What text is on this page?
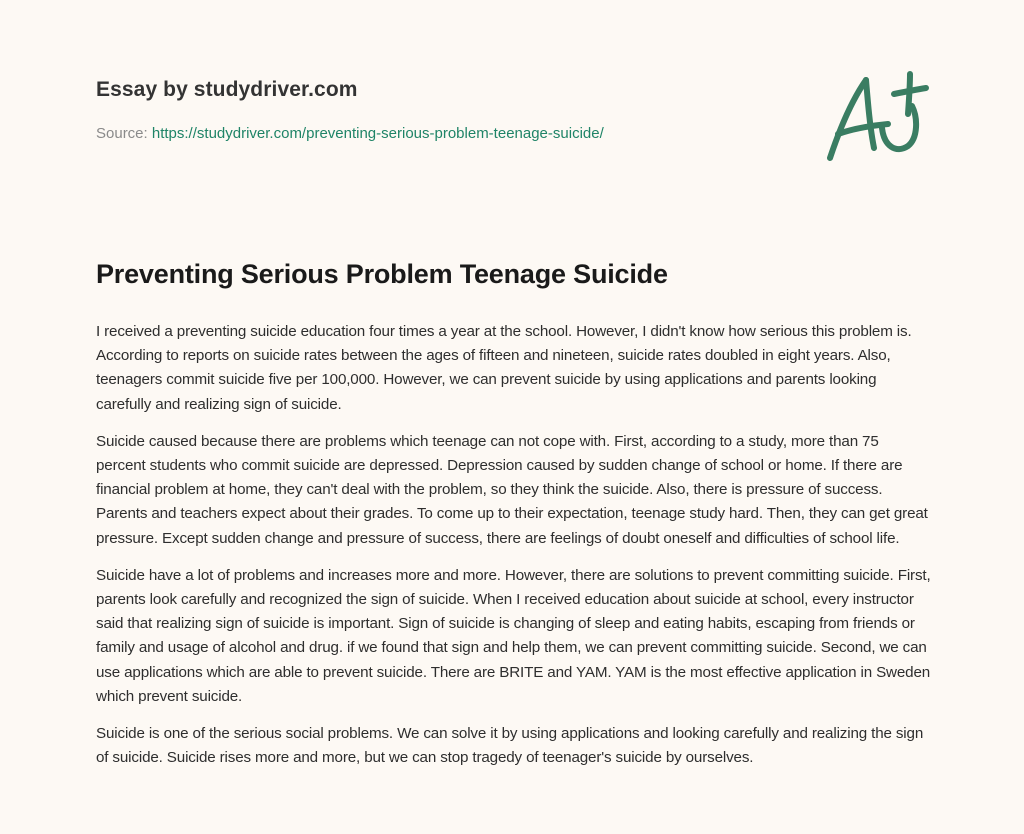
Essay by studydriver.com
Source: https://studydriver.com/preventing-serious-problem-teenage-suicide/
Preventing Serious Problem Teenage Suicide

I received a preventing suicide education four times a year at the school. However, I didn't know how serious this problem is. According to reports on suicide rates between the ages of fifteen and nineteen, suicide rates doubled in eight years. Also, teenagers commit suicide five per 100,000. However, we can prevent suicide by using applications and parents looking carefully and realizing sign of suicide.

Suicide caused because there are problems which teenage can not cope with. First, according to a study, more than 75 percent students who commit suicide are depressed. Depression caused by sudden change of school or home. If there are financial problem at home, they can't deal with the problem, so they think the suicide. Also, there is pressure of success. Parents and teachers expect about their grades. To come up to their expectation, teenage study hard. Then, they can get great pressure. Except sudden change and pressure of success, there are feelings of doubt oneself and difficulties of school life.

Suicide have a lot of problems and increases more and more. However, there are solutions to prevent committing suicide. First, parents look carefully and recognized the sign of suicide. When I received education about suicide at school, every instructor said that realizing sign of suicide is important. Sign of suicide is changing of sleep and eating habits, escaping from friends or family and usage of alcohol and drug. if we found that sign and help them, we can prevent committing suicide. Second, we can use applications which are able to prevent suicide. There are BRITE and YAM. YAM is the most effective application in Sweden which prevent suicide.

Suicide is one of the serious social problems. We can solve it by using applications and looking carefully and realizing the sign of suicide. Suicide rises more and more, but we can stop tragedy of teenager's suicide by ourselves.
